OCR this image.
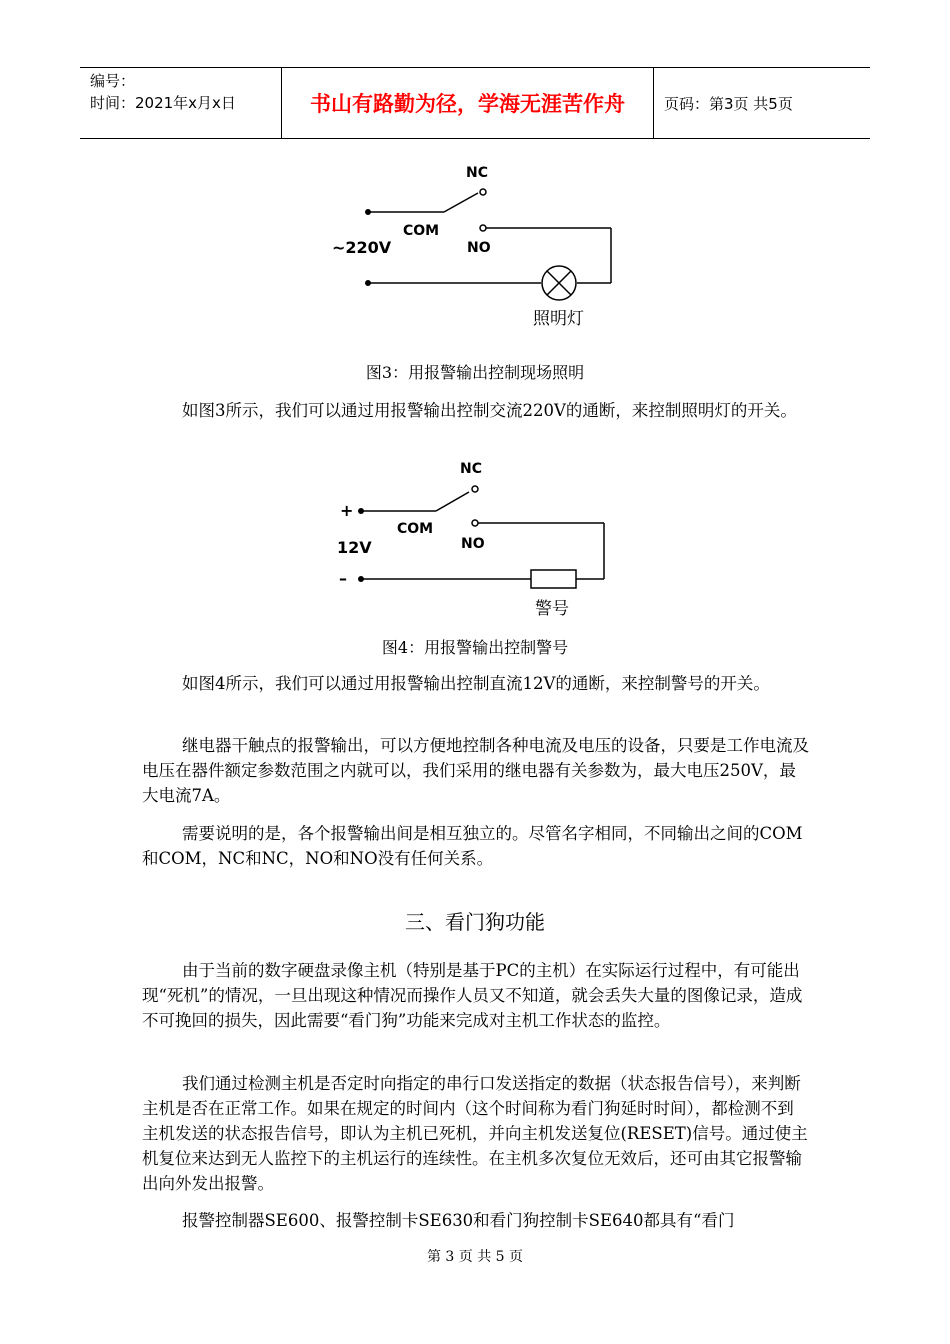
编号：
时间：2021年x月x日	书山有路勤为径，学海无涯苦作舟	页码：第3页 共5页
NC
COM
NO
~220V
照明灯
图3：用报警输出控制现场照明

如图3所示，我们可以通过用报警输出控制交流220V的通断，来控制照明灯的开关。

NC
+
COM
NO
12V
–
警号
图4：用报警输出控制警号

如图4所示，我们可以通过用报警输出控制直流12V的通断，来控制警号的开关。

继电器干触点的报警输出，可以方便地控制各种电流及电压的设备，只要是工作电流及电压在器件额定参数范围之内就可以，我们采用的继电器有关参数为，最大电压250V，最大电流7A。

需要说明的是，各个报警输出间是相互独立的。尽管名字相同，不同输出之间的COM和COM，NC和NC，NO和NO没有任何关系。

三、看门狗功能

由于当前的数字硬盘录像主机（特别是基于PC的主机）在实际运行过程中，有可能出现“死机”的情况，一旦出现这种情况而操作人员又不知道，就会丢失大量的图像记录，造成不可挽回的损失，因此需要“看门狗”功能来完成对主机工作状态的监控。

我们通过检测主机是否定时向指定的串行口发送指定的数据（状态报告信号），来判断主机是否在正常工作。如果在规定的时间内（这个时间称为看门狗延时时间），都检测不到主机发送的状态报告信号，即认为主机已死机，并向主机发送复位(RESET)信号。通过使主机复位来达到无人监控下的主机运行的连续性。在主机多次复位无效后，还可由其它报警输出向外发出报警。

报警控制器SE600、报警控制卡SE630和看门狗控制卡SE640都具有“看门

第 3 页 共 5 页
